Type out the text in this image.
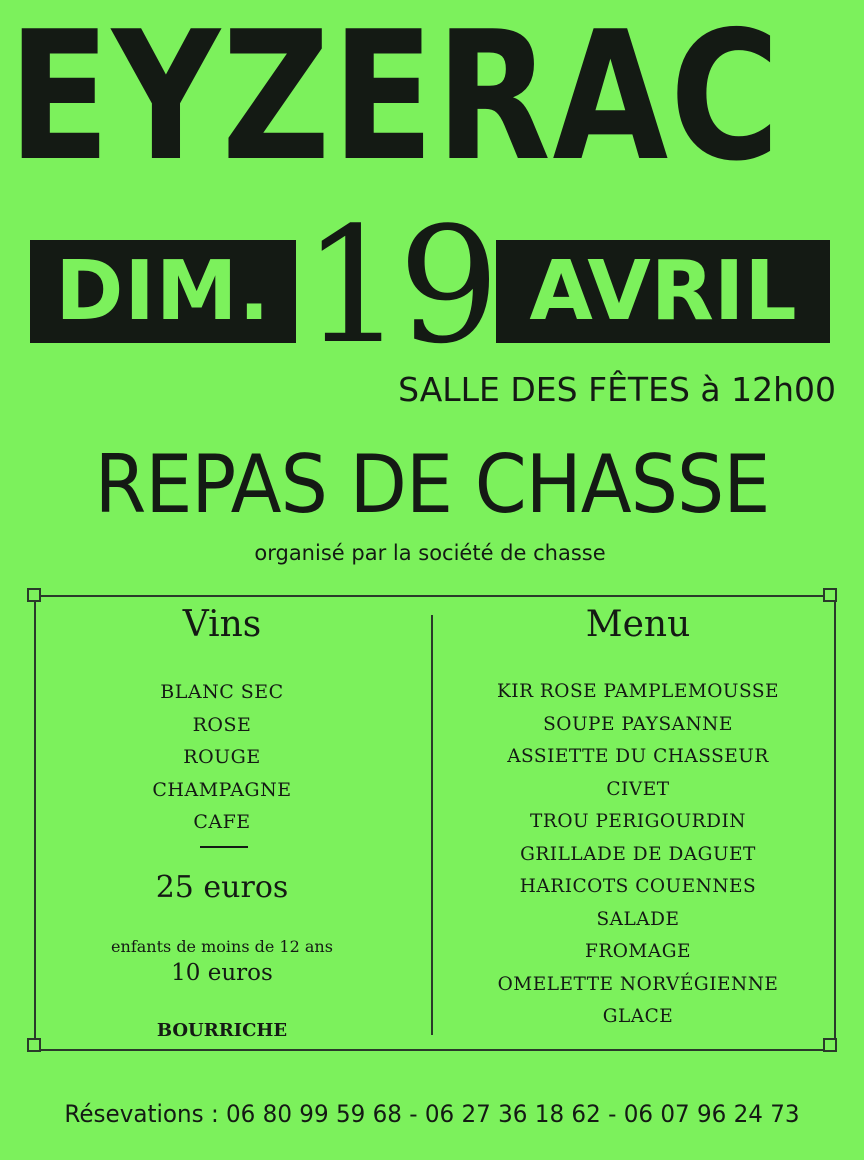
EYZERAC
DIM. 19 AVRIL
SALLE DES FÊTES à 12h00
REPAS DE CHASSE
organisé par la société de chasse
Vins
BLANC SEC
ROSE
ROUGE
CHAMPAGNE
CAFE
25 euros
enfants de moins de 12 ans
10 euros
BOURRICHE
Menu
KIR ROSE PAMPLEMOUSSE
SOUPE PAYSANNE
ASSIETTE DU CHASSEUR
CIVET
TROU PERIGOURDIN
GRILLADE DE DAGUET
HARICOTS COUENNES
SALADE
FROMAGE
OMELETTE NORVÉGIENNE
GLACE
Résevations : 06 80 99 59 68 - 06 27 36 18 62 - 06 07 96 24 73
